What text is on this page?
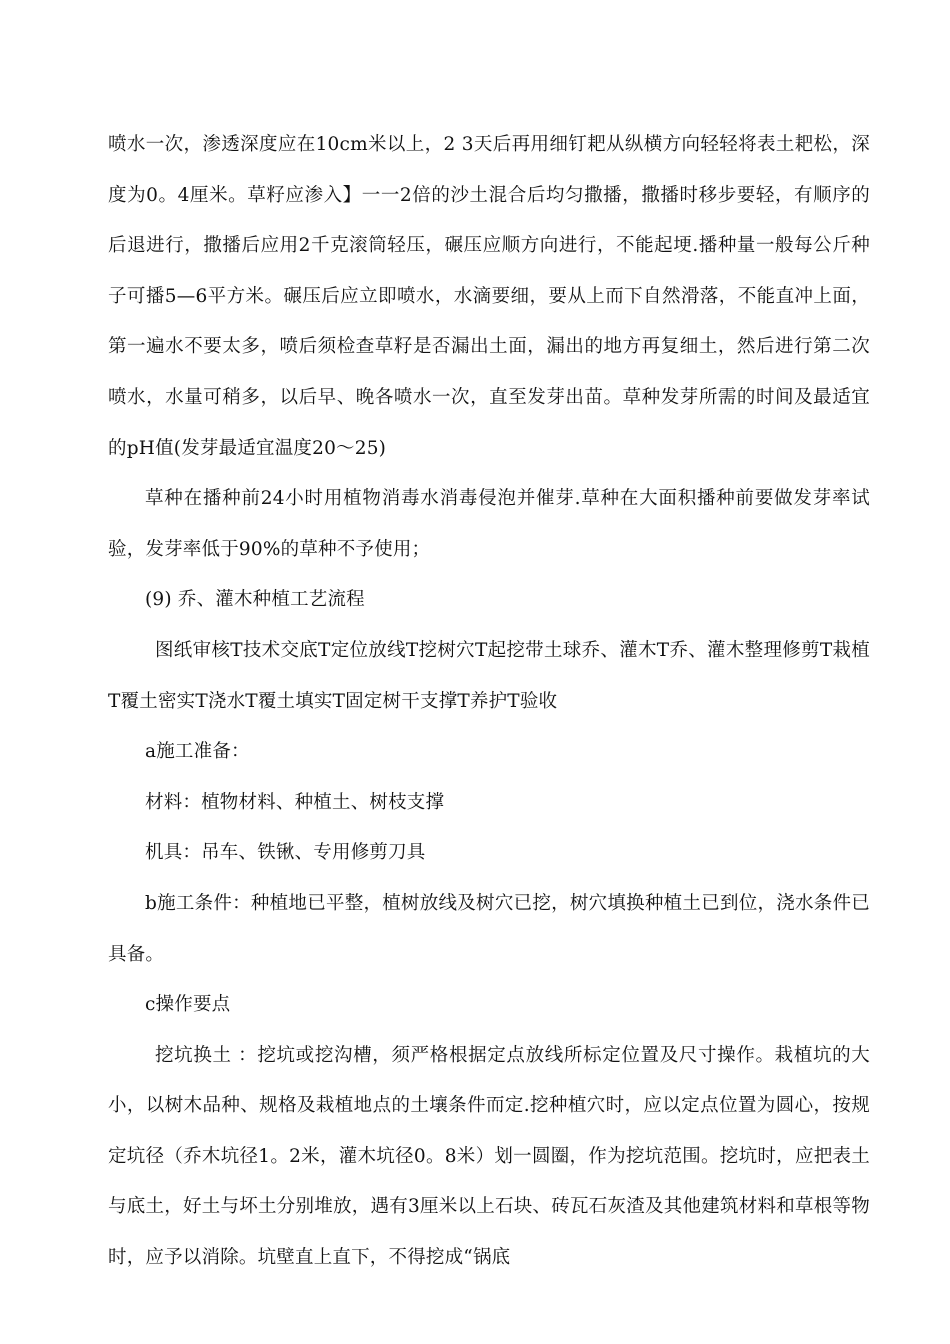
喷水一次，渗透深度应在10cm米以上，2 3天后再用细钉耙从纵横方向轻轻将表土耙松，深度为0。4厘米。草籽应渗入】一一2倍的沙土混合后均匀撒播，撒播时移步要轻，有顺序的后退进行，撒播后应用2千克滚筒轻压，碾压应顺方向进行，不能起埂.播种量一般每公斤种子可播5—6平方米。碾压后应立即喷水，水滴要细，要从上而下自然滑落，不能直冲上面，第一遍水不要太多，喷后须检查草籽是否漏出土面，漏出的地方再复细土，然后进行第二次喷水，水量可稍多，以后早、晚各喷水一次，直至发芽出苗。草种发芽所需的时间及最适宜的pH值(发芽最适宜温度20〜25)

草种在播种前24小时用植物消毒水消毒侵泡并催芽.草种在大面积播种前要做发芽率试验，发芽率低于90%的草种不予使用；

(9) 乔、灌木种植工艺流程

图纸审核T技术交底T定位放线T挖树穴T起挖带土球乔、灌木T乔、灌木整理修剪T栽植T覆土密实T浇水T覆土填实T固定树干支撑T养护T验收

a施工准备：

材料：植物材料、种植土、树枝支撑

机具：吊车、铁锹、专用修剪刀具

b施工条件：种植地已平整，植树放线及树穴已挖，树穴填换种植土已到位，浇水条件已具备。

c操作要点

挖坑换土 ：挖坑或挖沟槽，须严格根据定点放线所标定位置及尺寸操作。栽植坑的大小，以树木品种、规格及栽植地点的土壤条件而定.挖种植穴时，应以定点位置为圆心，按规定坑径（乔木坑径1。2米，灌木坑径0。8米）划一圆圈，作为挖坑范围。挖坑时，应把表土与底土，好土与坏土分别堆放，遇有3厘米以上石块、砖瓦石灰渣及其他建筑材料和草根等物时，应予以消除。坑壁直上直下，不得挖成“锅底
